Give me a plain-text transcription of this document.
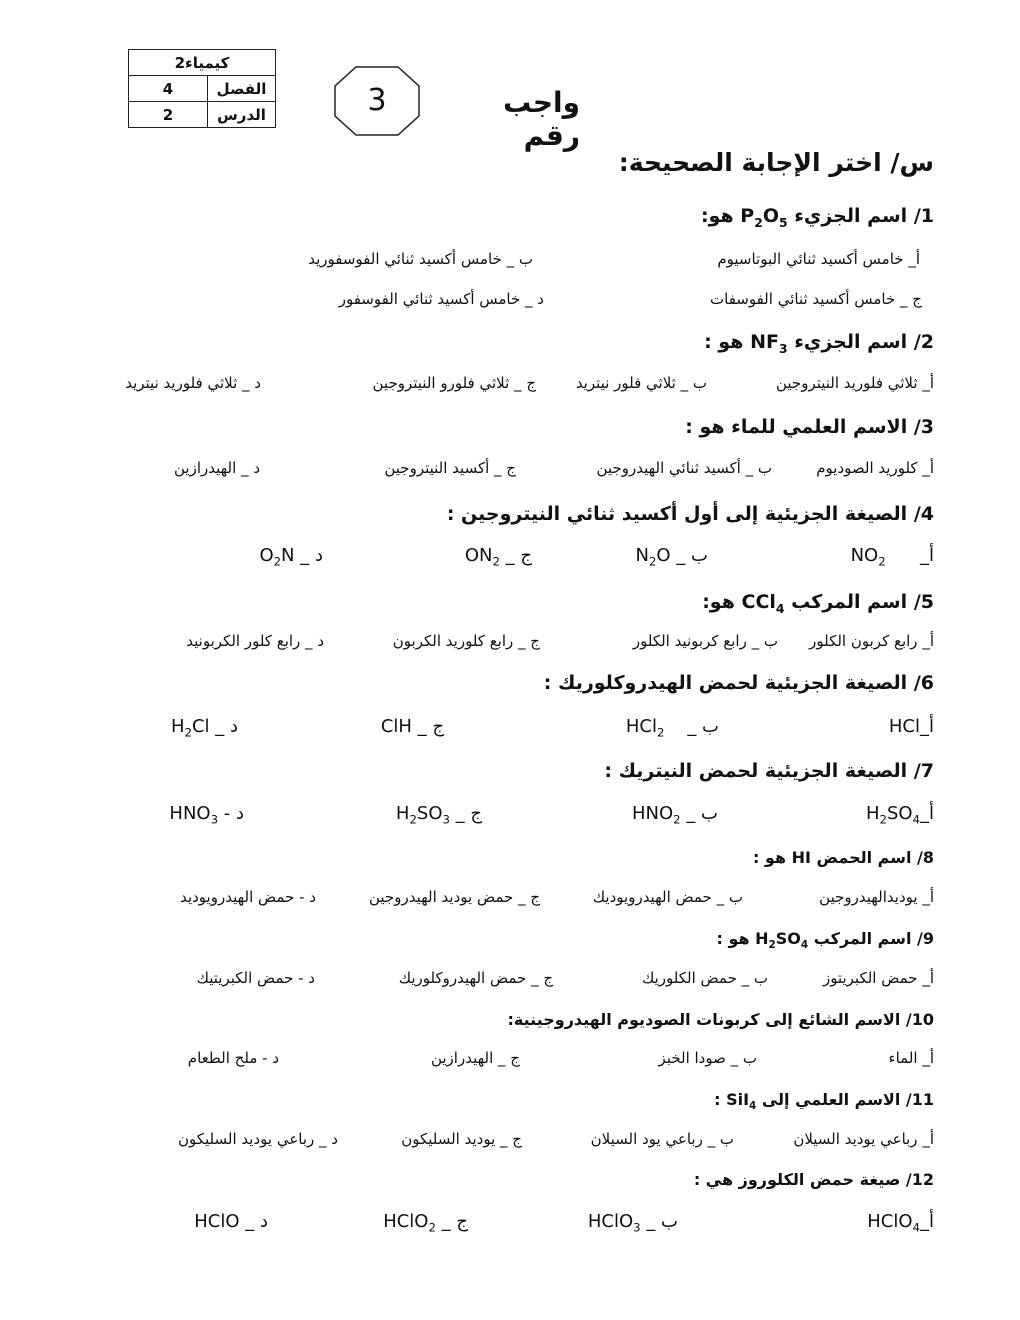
2كيمياء	
4	الفصل
2	الدرس	3	واجب رقم
س/ اختر الإجابة الصحيحة:
1/ اسم الجزيء $P_2O_5$ هو:
أ_ خامس أكسيد ثنائي البوتاسيوم
ب _ خامس أكسيد ثنائي الفوسفوريد
ج _ خامس أكسيد ثنائي الفوسفات
د _ خامس أكسيد ثنائي الفوسفور
2/ اسم الجزيء $NF_3$ هو :
أ_ ثلاثي فلوريد النيتروجين
ب _ ثلاثي فلور نيتريد
ج _ ثلاثي فلورو النيتروجين
د _ ثلاثي فلوريد نيتريد
3/ الاسم العلمي للماء هو :
أ_ كلوريد الصوديوم
ب _ أكسيد ثنائي الهيدروجين
ج _ أكسيد النيتروجين
د _ الهيدرازين
4/ الصيغة الجزيئية إلى أول أكسيد ثنائي النيتروجين :
أ_      $NO_2$
ب _ $N_2O$
ج _ $ON_2$
د _ $O_2N$
5/ اسم المركب CCl$_4$ هو:
أ_ رابع كربون الكلور
ب _ رابع كربونيد الكلور
ج _ رابع كلوريد الكربون
د _ رابع كلور الكربونيد
6/ الصيغة الجزيئية لحمض الهيدروكلوريك :
أ_HCl
ب _    HCl$_2$
ج _ ClH
د _ $H_2Cl$
7/ الصيغة الجزيئية لحمض النيتريك :
$أ\_H_2SO_4$
ب _ $HNO_2$
ج _ $H_2SO_3$
د - $HNO_3$
8/ اسم الحمض HI هو :
أ_ يوديدالهيدروجين
ب _ حمض الهيدرويوديك
ج _ حمض يوديد الهيدروجين
د - حمض الهيدرويوديد
9/ اسم المركب $H_2SO_4$ هو :
أ_ حمض الكبريتوز
ب _ حمض الكلوريك
ج _ حمض الهيدروكلوريك
د - حمض الكبريتيك
10/ الاسم الشائع إلى كربونات الصوديوم الهيدروجينية:
أ_ الماء
ب _ صودا الخبز
ج _ الهيدرازين
د - ملح الطعام
11/ الاسم العلمي إلى SiI$_4$ :
أ_ رباعي يوديد السيلان
ب _ رباعي يود السيلان
ج _ يوديد السليكون
د _ رباعي يوديد السليكون
12/ صيغة حمض الكلوروز هي :
أ_HClO$_4$
ب _ HClO$_3$
ج _ HClO$_2$
د _ HClO
